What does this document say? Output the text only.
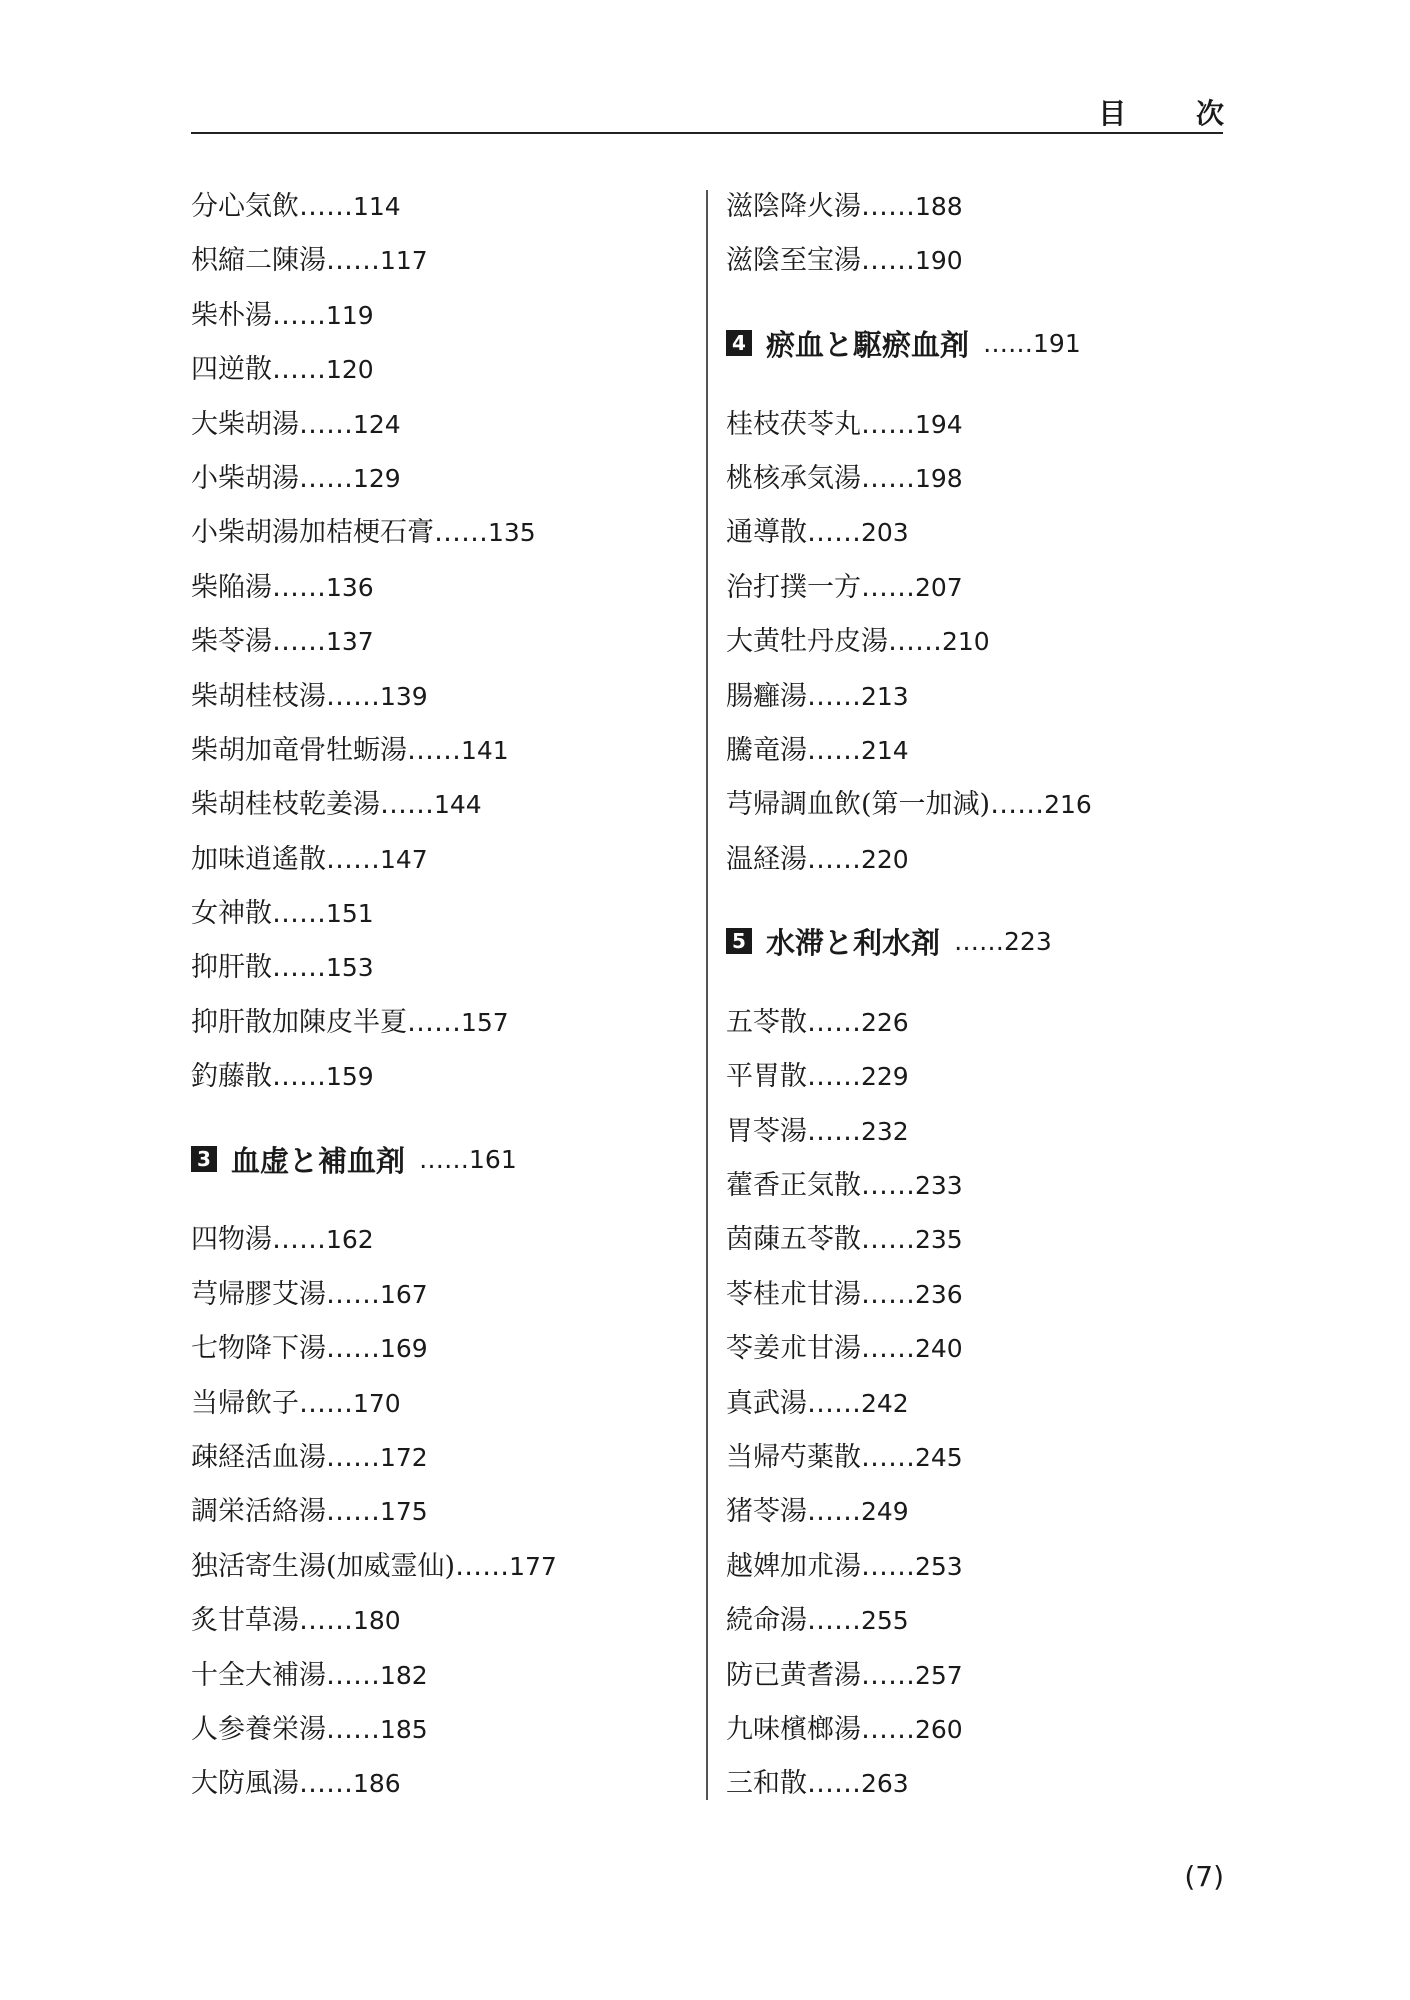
目 次
分心気飲……114
枳縮二陳湯……117
柴朴湯……119
四逆散……120
大柴胡湯……124
小柴胡湯……129
小柴胡湯加桔梗石膏……135
柴陥湯……136
柴苓湯……137
柴胡桂枝湯……139
柴胡加竜骨牡蛎湯……141
柴胡桂枝乾姜湯……144
加味逍遙散……147
女神散……151
抑肝散……153
抑肝散加陳皮半夏……157
釣藤散……159
3 血虚と補血剤 …… 161
四物湯……162
芎帰膠艾湯……167
七物降下湯……169
当帰飲子……170
疎経活血湯……172
調栄活絡湯……175
独活寄生湯(加威霊仙)……177
炙甘草湯……180
十全大補湯……182
人参養栄湯……185
大防風湯……186
滋陰降火湯……188
滋陰至宝湯……190
4 瘀血と駆瘀血剤 …… 191
桂枝茯苓丸……194
桃核承気湯……198
通導散……203
治打撲一方……207
大黄牡丹皮湯……210
腸癰湯……213
騰竜湯……214
芎帰調血飲(第一加減)……216
温経湯……220
5 水滞と利水剤 …… 223
五苓散……226
平胃散……229
胃苓湯……232
藿香正気散……233
茵蔯五苓散……235
苓桂朮甘湯……236
苓姜朮甘湯……240
真武湯……242
当帰芍薬散……245
猪苓湯……249
越婢加朮湯……253
続命湯……255
防已黄耆湯……257
九味檳榔湯……260
三和散……263
(7)
